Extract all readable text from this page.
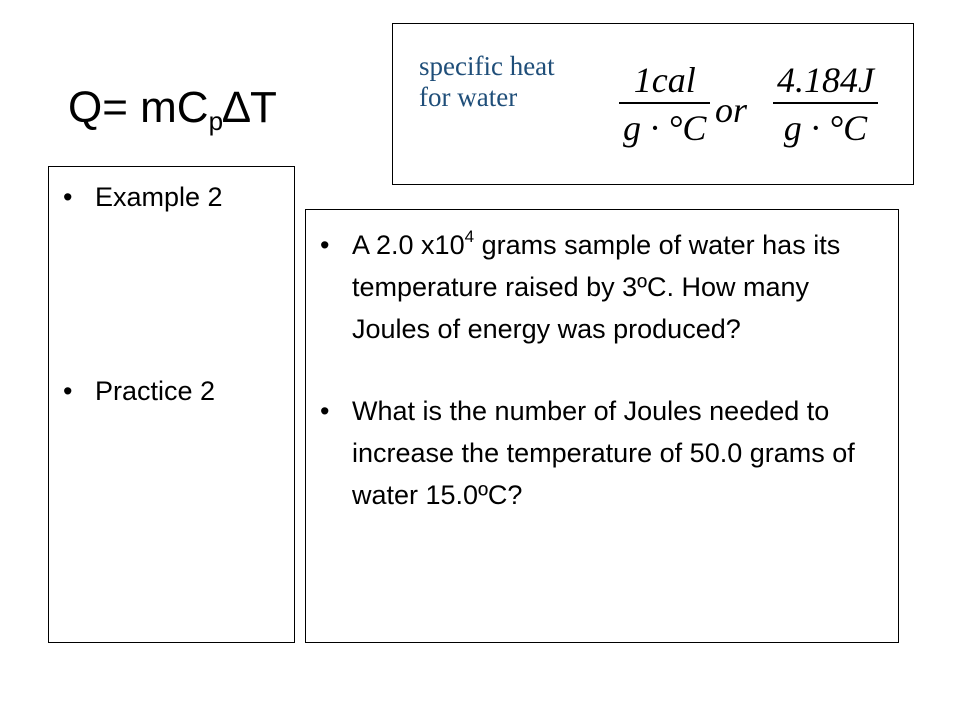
$Q= mC_p\Delta T$
specific heat
for water	1cal
g · °C or
4.184J
g · °C
• Example 2
• Practice 2
• A 2.0 $x10^4$ grams sample of water has its temperature raised by 3ºC. How many Joules of energy was produced?
• What is the number of Joules needed to increase the temperature of 50.0 grams of water 15.0ºC?
